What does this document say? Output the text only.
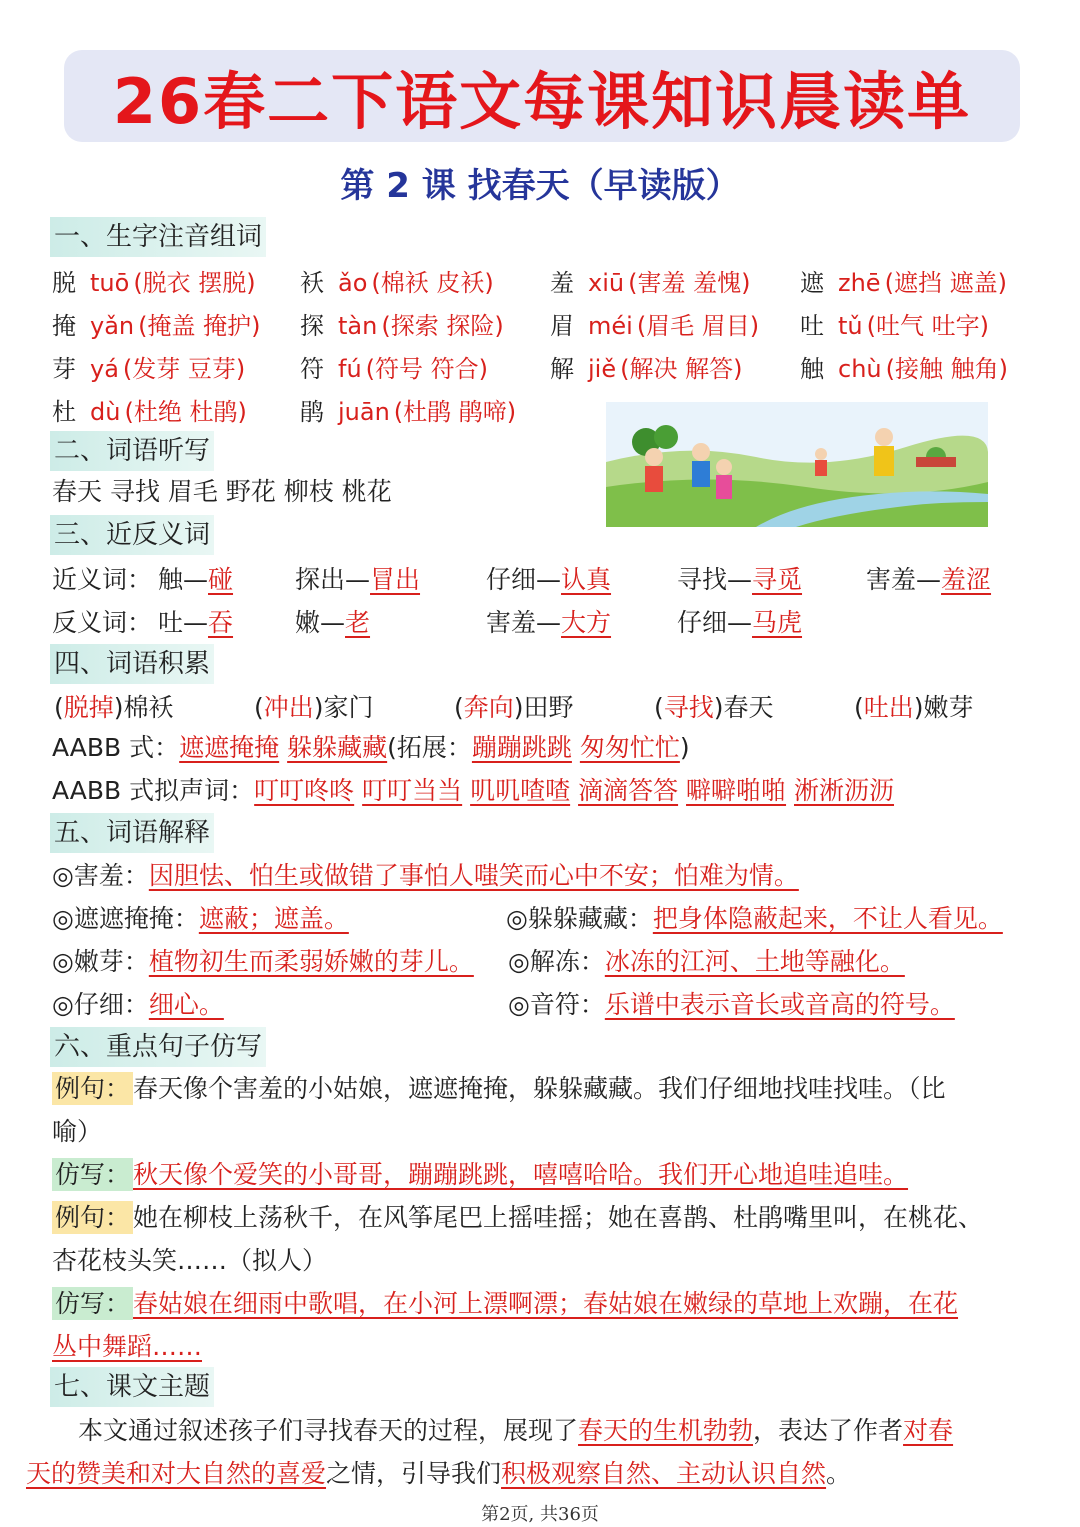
26春二下语文每课知识晨读单
第 2 课 找春天（早读版）
一、生字注音组词
脱 tuō (脱衣 摆脱) 袄 ǎo (棉袄 皮袄) 羞 xiū (害羞 羞愧) 遮 zhē (遮挡 遮盖)
掩 yǎn (掩盖 掩护) 探 tàn (探索 探险) 眉 méi (眉毛 眉目) 吐 tǔ (吐气 吐字)
芽 yá (发芽 豆芽) 符 fú (符号 符合)	解 jiě (解决 解答) 触 chù (接触 触角)
杜 dù (杜绝 杜鹃) 鹃 juān (杜鹃 鹃啼)
二、词语听写
春天 寻找 眉毛 野花 柳枝 桃花
三、近反义词
近义词： 触—碰 探出—冒出	仔细—认真	寻找—寻觅	害羞—羞涩
反义词： 吐—吞 嫩—老	害羞—大方	仔细—马虎
四、词语积累
(脱掉)棉袄	(冲出)家门	(奔向)田野	(寻找)春天	(吐出)嫩芽
AABB 式：遮遮掩掩 躲躲藏藏(拓展：蹦蹦跳跳 匆匆忙忙)
AABB 式拟声词：叮叮咚咚 叮叮当当 叽叽喳喳 滴滴答答 噼噼啪啪 淅淅沥沥
五、词语解释
◎害羞：因胆怯、怕生或做错了事怕人嗤笑而心中不安；怕难为情。
◎遮遮掩掩：遮蔽；遮盖。	◎躲躲藏藏：把身体隐蔽起来，不让人看见。
◎嫩芽：植物初生而柔弱娇嫩的芽儿。 ◎解冻：冰冻的江河、土地等融化。
◎仔细：细心。	◎音符：乐谱中表示音长或音高的符号。
六、重点句子仿写
例句： 春天像个害羞的小姑娘，遮遮掩掩，躲躲藏藏。我们仔细地找哇找哇。（比
喻）
仿写： 秋天像个爱笑的小哥哥，蹦蹦跳跳，嘻嘻哈哈。我们开心地追哇追哇。
例句： 她在柳枝上荡秋千，在风筝尾巴上摇哇摇；她在喜鹊、杜鹃嘴里叫，在桃花、
杏花枝头笑……（拟人）
仿写： 春姑娘在细雨中歌唱，在小河上漂啊漂；春姑娘在嫩绿的草地上欢蹦，在花
丛中舞蹈……
七、课文主题
本文通过叙述孩子们寻找春天的过程，展现了春天的生机勃勃，表达了作者对春
天的赞美和对大自然的喜爱之情，引导我们积极观察自然、主动认识自然。
第2页, 共36页
